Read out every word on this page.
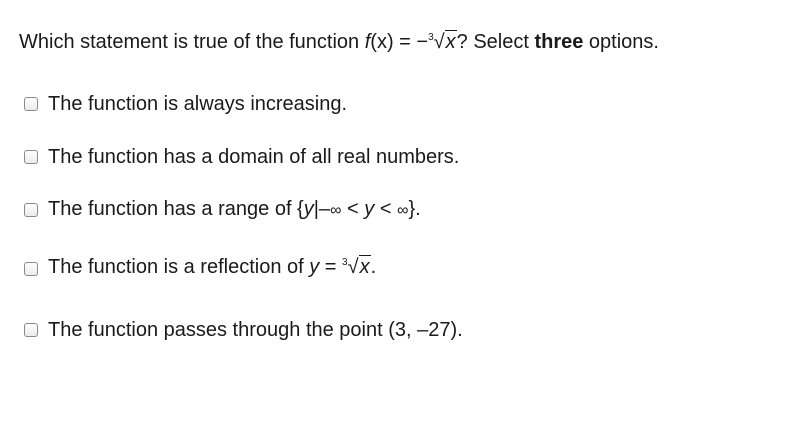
Which statement is true of the function f(x) = −$^3$√x? Select three options.
The function is always increasing.
The function has a domain of all real numbers.
The function has a range of {y|–∞ < y < ∞}.
The function is a reflection of y = $^3$√x.
The function passes through the point (3, –27).
